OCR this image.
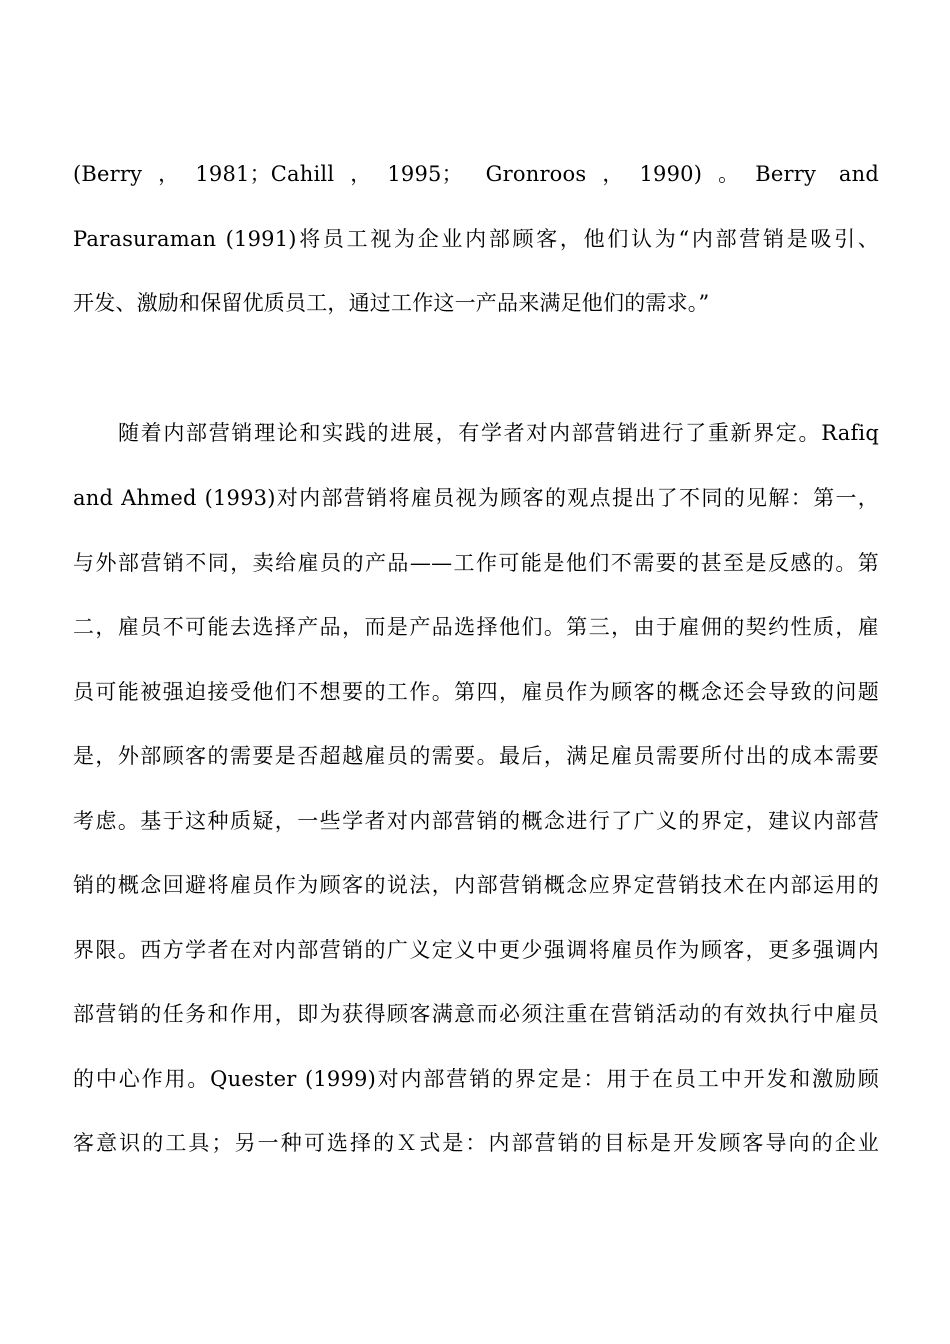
(Berry，1981；Cahill，1995； Gronroos，1990)。Berry and
Parasuraman (1991)将员工视为企业内部顾客，他们认为“内部营销是吸引、
开发、激励和保留优质员工，通过工作这一产品来满足他们的需求。”
随着内部营销理论和实践的进展，有学者对内部营销进行了重新界定。Rafiq
and Ahmed (1993)对内部营销将雇员视为顾客的观点提出了不同的见解：第一，
与外部营销不同，卖给雇员的产品——工作可能是他们不需要的甚至是反感的。第
二，雇员不可能去选择产品，而是产品选择他们。第三，由于雇佣的契约性质，雇
员可能被强迫接受他们不想要的工作。第四，雇员作为顾客的概念还会导致的问题
是，外部顾客的需要是否超越雇员的需要。最后，满足雇员需要所付出的成本需要
考虑。基于这种质疑，一些学者对内部营销的概念进行了广义的界定，建议内部营
销的概念回避将雇员作为顾客的说法，内部营销概念应界定营销技术在内部运用的
界限。西方学者在对内部营销的广义定义中更少强调将雇员作为顾客，更多强调内
部营销的任务和作用，即为获得顾客满意而必须注重在营销活动的有效执行中雇员
的中心作用。Quester (1999)对内部营销的界定是：用于在员工中开发和激励顾
客意识的工具；另一种可选择的Ｘ式是：内部营销的目标是开发顾客导向的企业
